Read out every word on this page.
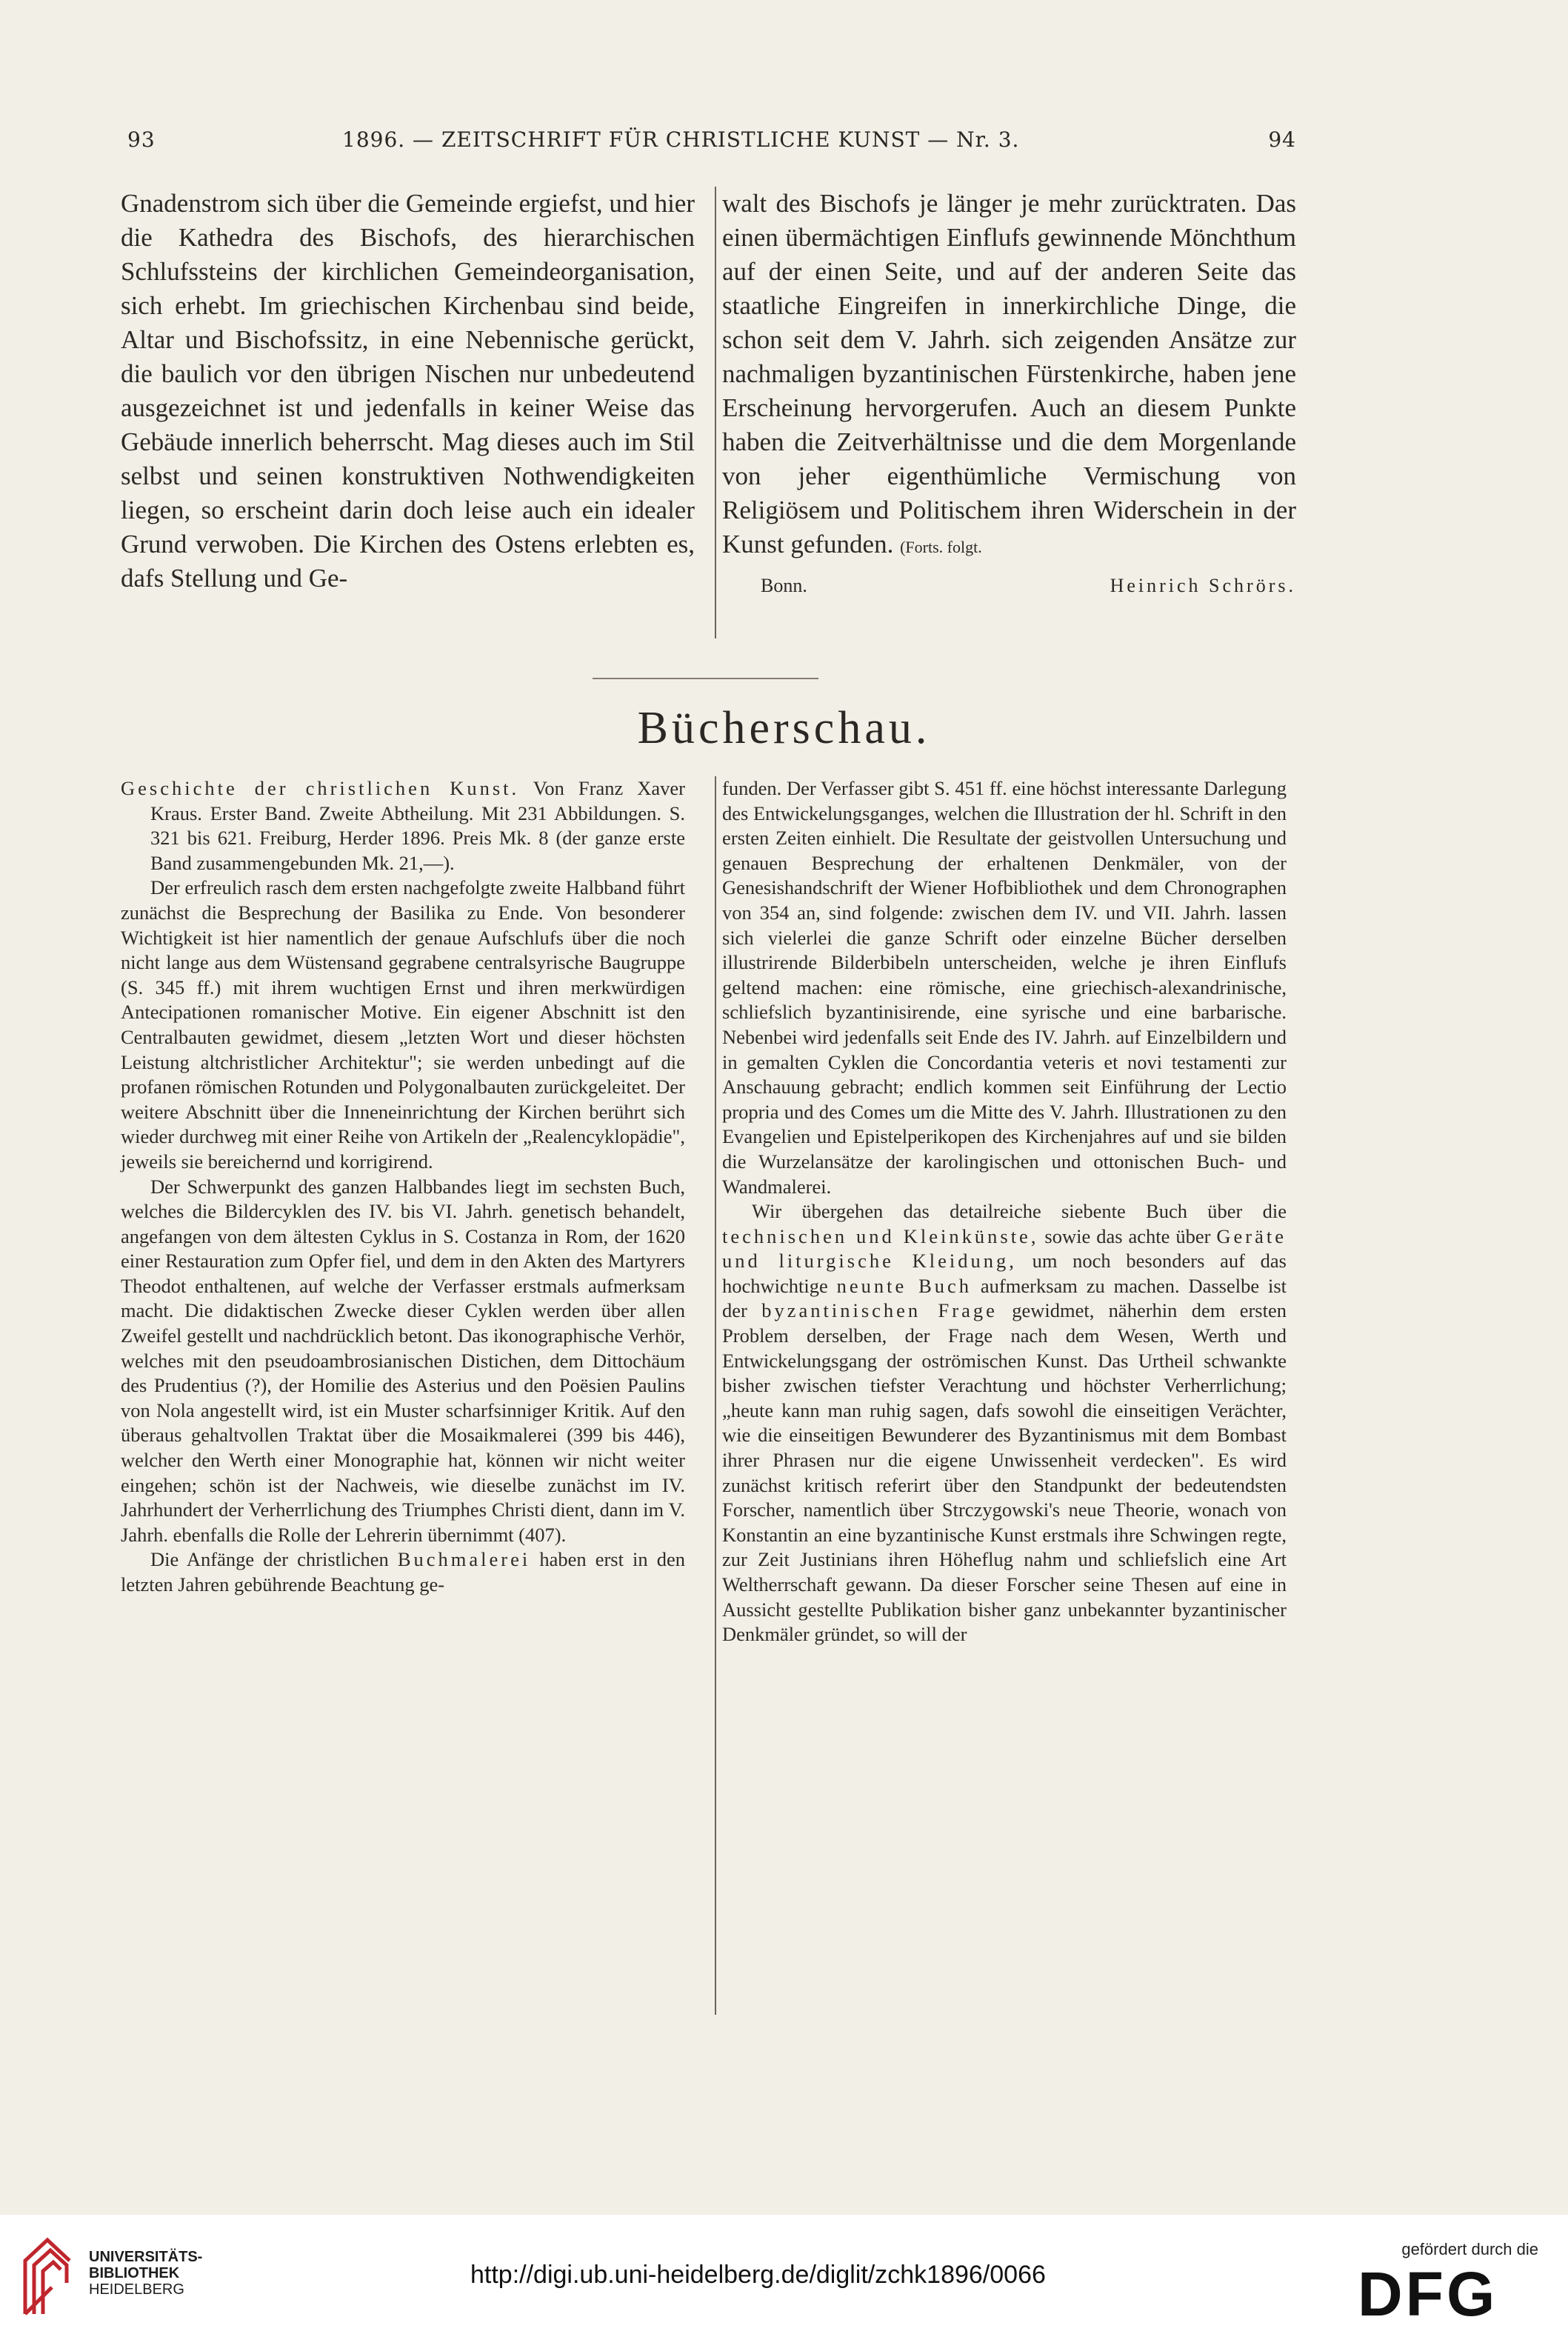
93	1896. — ZEITSCHRIFT FÜR CHRISTLICHE KUNST — Nr. 3.	94

Gnadenstrom sich über die Gemeinde ergiefst, und hier die Kathedra des Bischofs, des hierarchischen Schlufssteins der kirchlichen Gemeindeorganisation, sich erhebt. Im griechischen Kirchenbau sind beide, Altar und Bischofssitz, in eine Nebennische gerückt, die baulich vor den übrigen Nischen nur unbedeutend ausgezeichnet ist und jedenfalls in keiner Weise das Gebäude innerlich beherrscht. Mag dieses auch im Stil selbst und seinen konstruktiven Nothwendigkeiten liegen, so erscheint darin doch leise auch ein idealer Grund verwoben. Die Kirchen des Ostens erlebten es, dafs Stellung und Ge-

walt des Bischofs je länger je mehr zurücktraten. Das einen übermächtigen Einflufs gewinnende Mönchthum auf der einen Seite, und auf der anderen Seite das staatliche Eingreifen in innerkirchliche Dinge, die schon seit dem V. Jahrh. sich zeigenden Ansätze zur nachmaligen byzantinischen Fürstenkirche, haben jene Erscheinung hervorgerufen. Auch an diesem Punkte haben die Zeitverhältnisse und die dem Morgenlande von jeher eigenthümliche Vermischung von Religiösem und Politischem ihren Widerschein in der Kunst gefunden. (Forts. folgt.

Bonn.	Heinrich Schrörs.
Bücherschau.

Geschichte der christlichen Kunst. Von Franz Xaver Kraus. Erster Band. Zweite Abtheilung. Mit 231 Abbildungen. S. 321 bis 621. Freiburg, Herder 1896. Preis Mk. 8 (der ganze erste Band zusammengebunden Mk. 21,—).

Der erfreulich rasch dem ersten nachgefolgte zweite Halbband führt zunächst die Besprechung der Basilika zu Ende. Von besonderer Wichtigkeit ist hier namentlich der genaue Aufschlufs über die noch nicht lange aus dem Wüstensand gegrabene centralsyrische Baugruppe (S. 345 ff.) mit ihrem wuchtigen Ernst und ihren merkwürdigen Antecipationen romanischer Motive. Ein eigener Abschnitt ist den Centralbauten gewidmet, diesem „letzten Wort und dieser höchsten Leistung altchristlicher Architektur"; sie werden unbedingt auf die profanen römischen Rotunden und Polygonalbauten zurückgeleitet. Der weitere Abschnitt über die Inneneinrichtung der Kirchen berührt sich wieder durchweg mit einer Reihe von Artikeln der „Realencyklopädie", jeweils sie bereichernd und korrigirend.

Der Schwerpunkt des ganzen Halbbandes liegt im sechsten Buch, welches die Bildercyklen des IV. bis VI. Jahrh. genetisch behandelt, angefangen von dem ältesten Cyklus in S. Costanza in Rom, der 1620 einer Restauration zum Opfer fiel, und dem in den Akten des Martyrers Theodot enthaltenen, auf welche der Verfasser erstmals aufmerksam macht. Die didaktischen Zwecke dieser Cyklen werden über allen Zweifel gestellt und nachdrücklich betont. Das ikonographische Verhör, welches mit den pseudoambrosianischen Distichen, dem Dittochäum des Prudentius (?), der Homilie des Asterius und den Poësien Paulins von Nola angestellt wird, ist ein Muster scharfsinniger Kritik. Auf den überaus gehaltvollen Traktat über die Mosaikmalerei (399 bis 446), welcher den Werth einer Monographie hat, können wir nicht weiter eingehen; schön ist der Nachweis, wie dieselbe zunächst im IV. Jahrhundert der Verherrlichung des Triumphes Christi dient, dann im V. Jahrh. ebenfalls die Rolle der Lehrerin übernimmt (407).

Die Anfänge der christlichen Buchmalerei haben erst in den letzten Jahren gebührende Beachtung ge-

funden. Der Verfasser gibt S. 451 ff. eine höchst interessante Darlegung des Entwickelungsganges, welchen die Illustration der hl. Schrift in den ersten Zeiten einhielt. Die Resultate der geistvollen Untersuchung und genauen Besprechung der erhaltenen Denkmäler, von der Genesishandschrift der Wiener Hofbibliothek und dem Chronographen von 354 an, sind folgende: zwischen dem IV. und VII. Jahrh. lassen sich vielerlei die ganze Schrift oder einzelne Bücher derselben illustrirende Bilderbibeln unterscheiden, welche je ihren Einflufs geltend machen: eine römische, eine griechisch-alexandrinische, schliefslich byzantinisirende, eine syrische und eine barbarische. Nebenbei wird jedenfalls seit Ende des IV. Jahrh. auf Einzelbildern und in gemalten Cyklen die Concordantia veteris et novi testamenti zur Anschauung gebracht; endlich kommen seit Einführung der Lectio propria und des Comes um die Mitte des V. Jahrh. Illustrationen zu den Evangelien und Epistelperikopen des Kirchenjahres auf und sie bilden die Wurzelansätze der karolingischen und ottonischen Buch- und Wandmalerei.

Wir übergehen das detailreiche siebente Buch über die technischen und Kleinkünste, sowie das achte über Geräte und liturgische Kleidung, um noch besonders auf das hochwichtige neunte Buch aufmerksam zu machen. Dasselbe ist der byzantinischen Frage gewidmet, näherhin dem ersten Problem derselben, der Frage nach dem Wesen, Werth und Entwickelungsgang der oströmischen Kunst. Das Urtheil schwankte bisher zwischen tiefster Verachtung und höchster Verherrlichung; „heute kann man ruhig sagen, dafs sowohl die einseitigen Verächter, wie die einseitigen Bewunderer des Byzantinismus mit dem Bombast ihrer Phrasen nur die eigene Unwissenheit verdecken". Es wird zunächst kritisch referirt über den Standpunkt der bedeutendsten Forscher, namentlich über Strczygowski's neue Theorie, wonach von Konstantin an eine byzantinische Kunst erstmals ihre Schwingen regte, zur Zeit Justinians ihren Höheflug nahm und schliefslich eine Art Weltherrschaft gewann. Da dieser Forscher seine Thesen auf eine in Aussicht gestellte Publikation bisher ganz unbekannter byzantinischer Denkmäler gründet, so will der

UNIVERSITÄTS-
BIBLIOTHEK
HEIDELBERG
http://digi.ub.uni-heidelberg.de/diglit/zchk1896/0066
gefördert durch die
DFG
